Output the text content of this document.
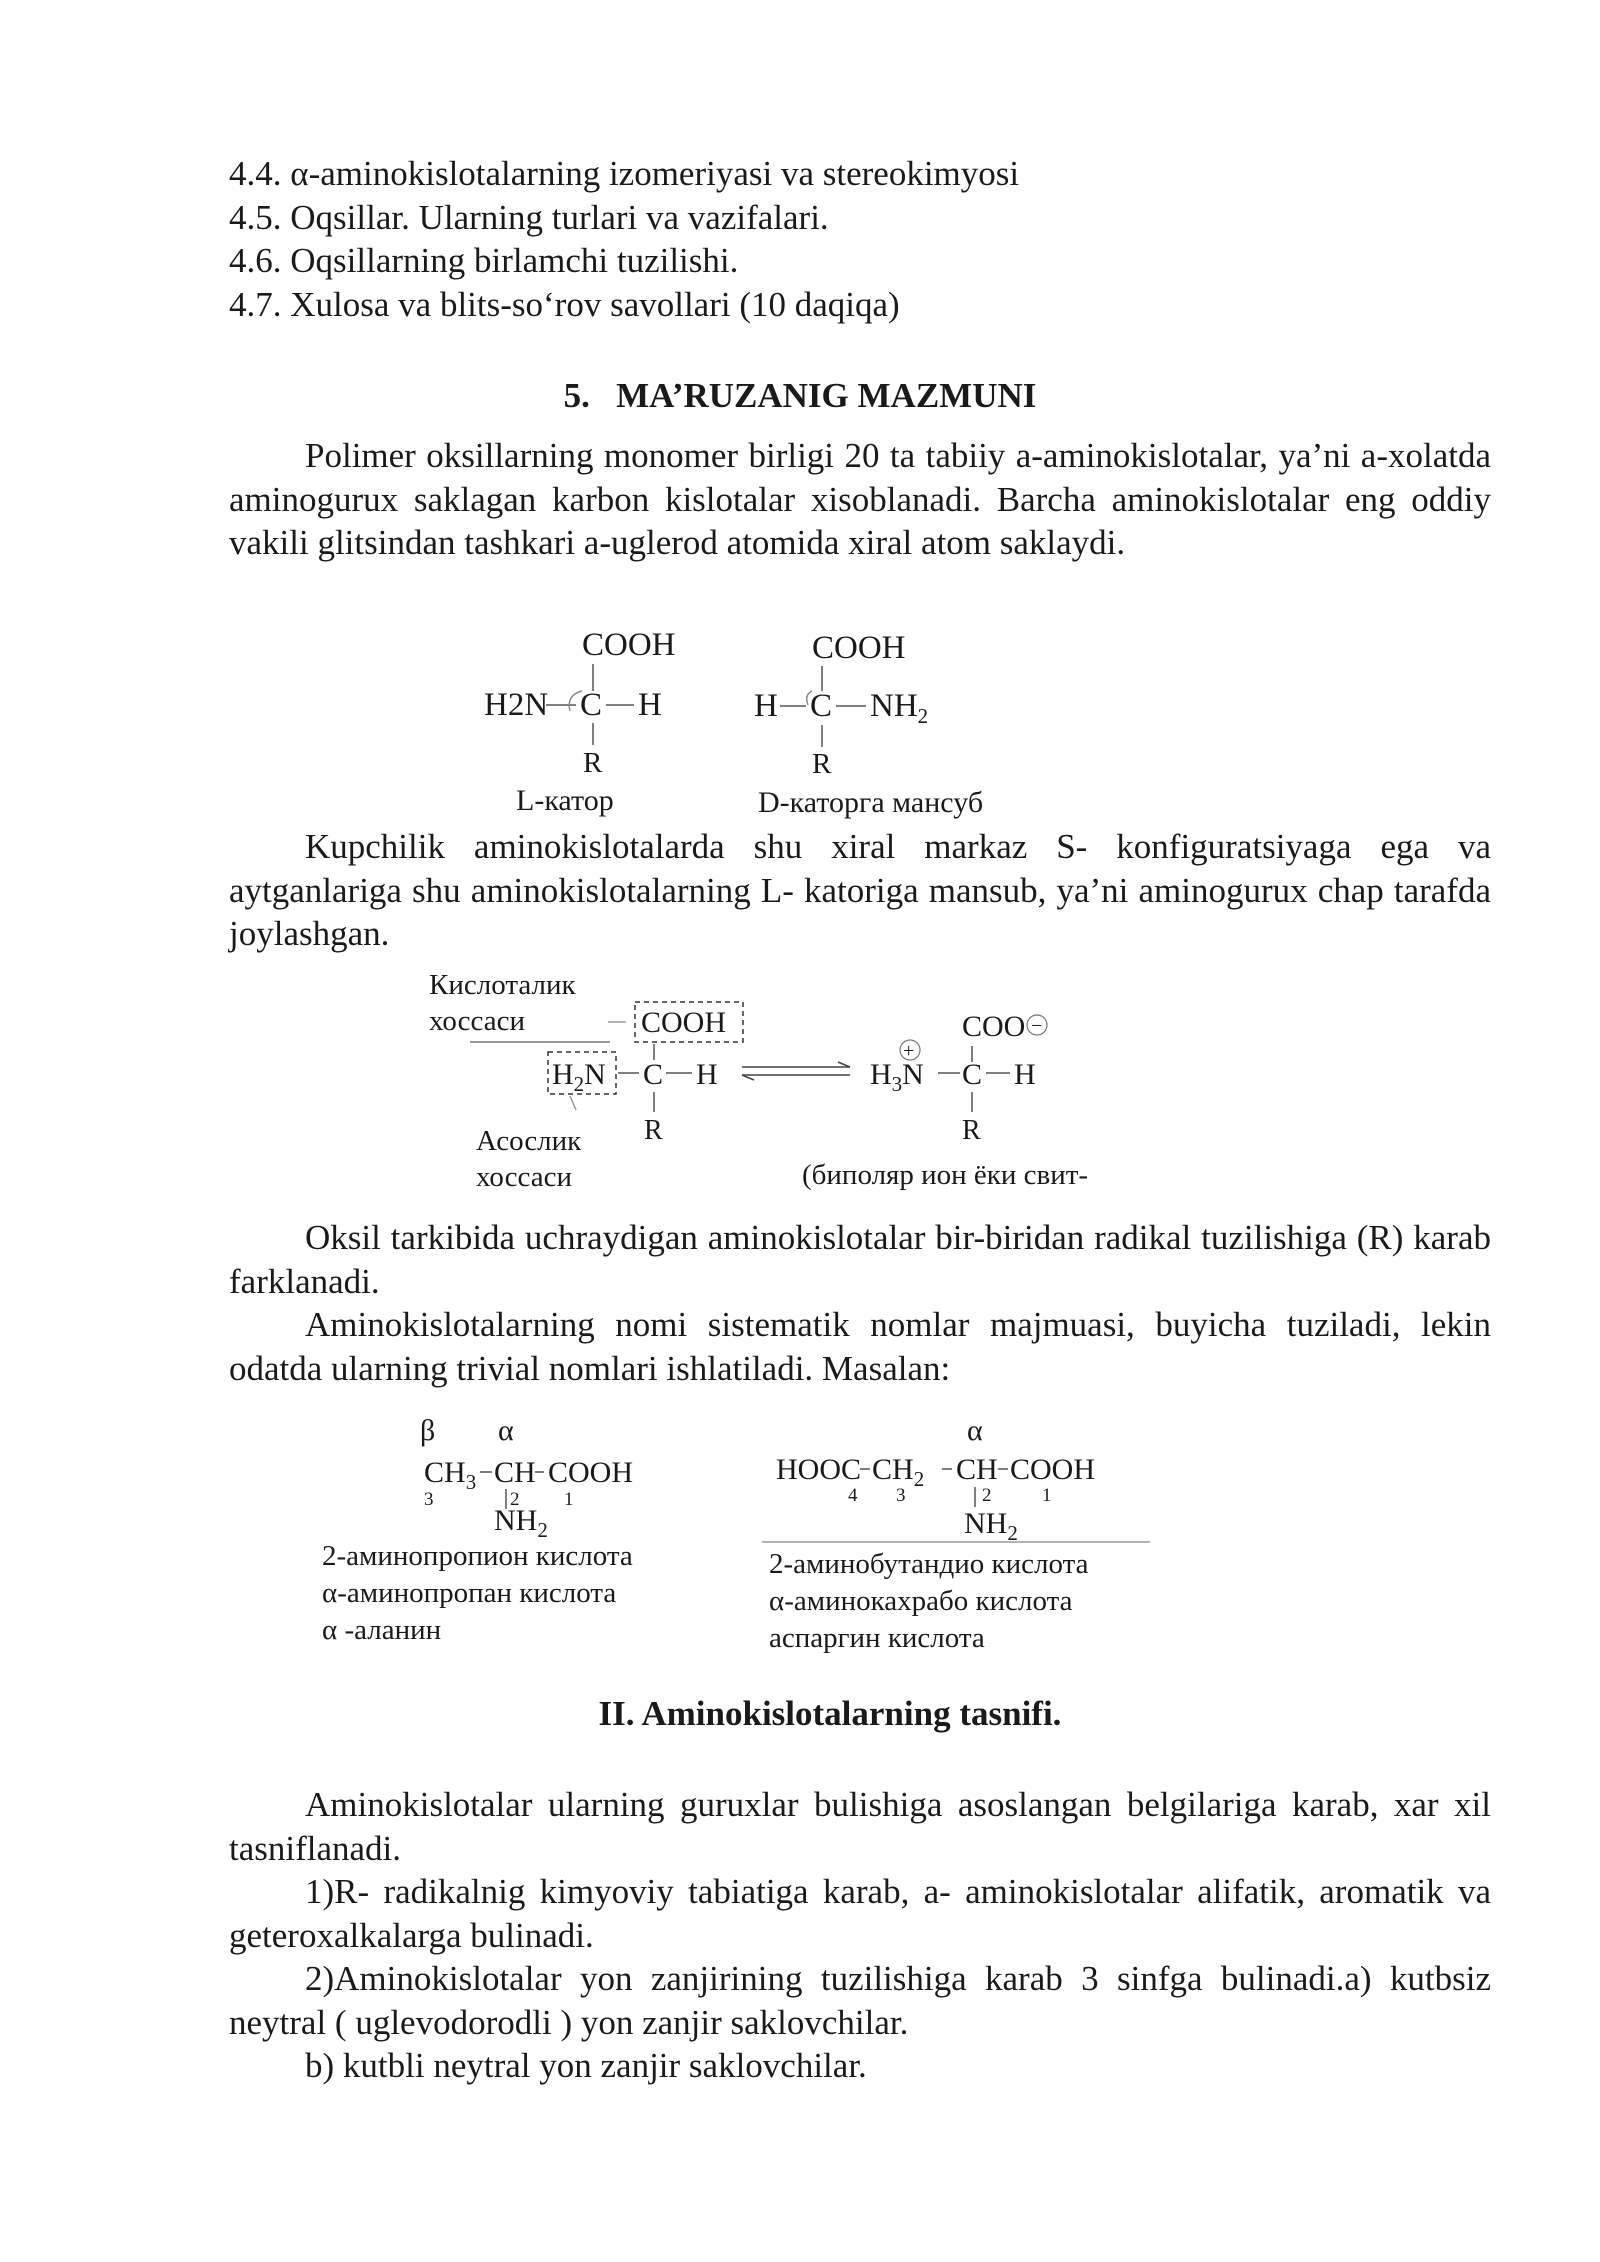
4.4. α-aminokislotalarning izomeriyasi va stereokimyosi
4.5. Oqsillar. Ularning turlari va vazifalari.
4.6. Oqsillarning birlamchi tuzilishi.
4.7. Xulosa va blits-so‘rov savollari (10 daqiqa)
5. MA’RUZANIG MAZMUNI
Polimer oksillarning monomer birligi 20 ta tabiiy a-aminokislotalar, ya’ni a-xolatda aminogurux saklagan karbon kislotalar xisoblanadi. Barcha aminokislotalar eng oddiy vakili glitsindan tashkari a-uglerod atomida xiral atom saklaydi.
COOH
H2N C H
R
L-катор
COOH
H C $NH_2$
R
D-каторга мансуб
Kupchilik aminokislotalarda shu xiral markaz S- konfiguratsiyaga ega va aytganlariga shu aminokislotalarning L- katoriga mansub, ya’ni aminogurux chap tarafda joylashgan.
Кислоталик
хоссаси	COOH
$H_2N$ C H
R
Асослик
хоссаси
COO −
+
$H_3N$ C H
R
(биполяр ион ёки свит-
Oksil tarkibida uchraydigan aminokislotalar bir-biridan radikal tuzilishiga (R) karab farklanadi.
Aminokislotalarning nomi sistematik nomlar majmuasi, buyicha tuziladi, lekin odatda ularning trivial nomlari ishlatiladi. Masalan:
β α
$CH_3$ CH COOH
3	2 1
$NH_2$
2-аминопропион кислота
α-аминопропан кислота
α -аланин
α
HOOC $CH_2$ CH COOH
4 3	2	1
$NH_2$
2-аминобутандио кислота
α-аминокахрабо кислота
аспаргин кислота
II. Aminokislotalarning tasnifi.
Aminokislotalar ularning guruxlar bulishiga asoslangan belgilariga karab, xar xil tasniflanadi.
1)R- radikalnig kimyoviy tabiatiga karab, a- aminokislotalar alifatik, aromatik va geteroxalkalarga bulinadi.
2)Aminokislotalar yon zanjirining tuzilishiga karab 3 sinfga bulinadi.a) kutbsiz neytral ( uglevodorodli ) yon zanjir saklovchilar.
b) kutbli neytral yon zanjir saklovchilar.
